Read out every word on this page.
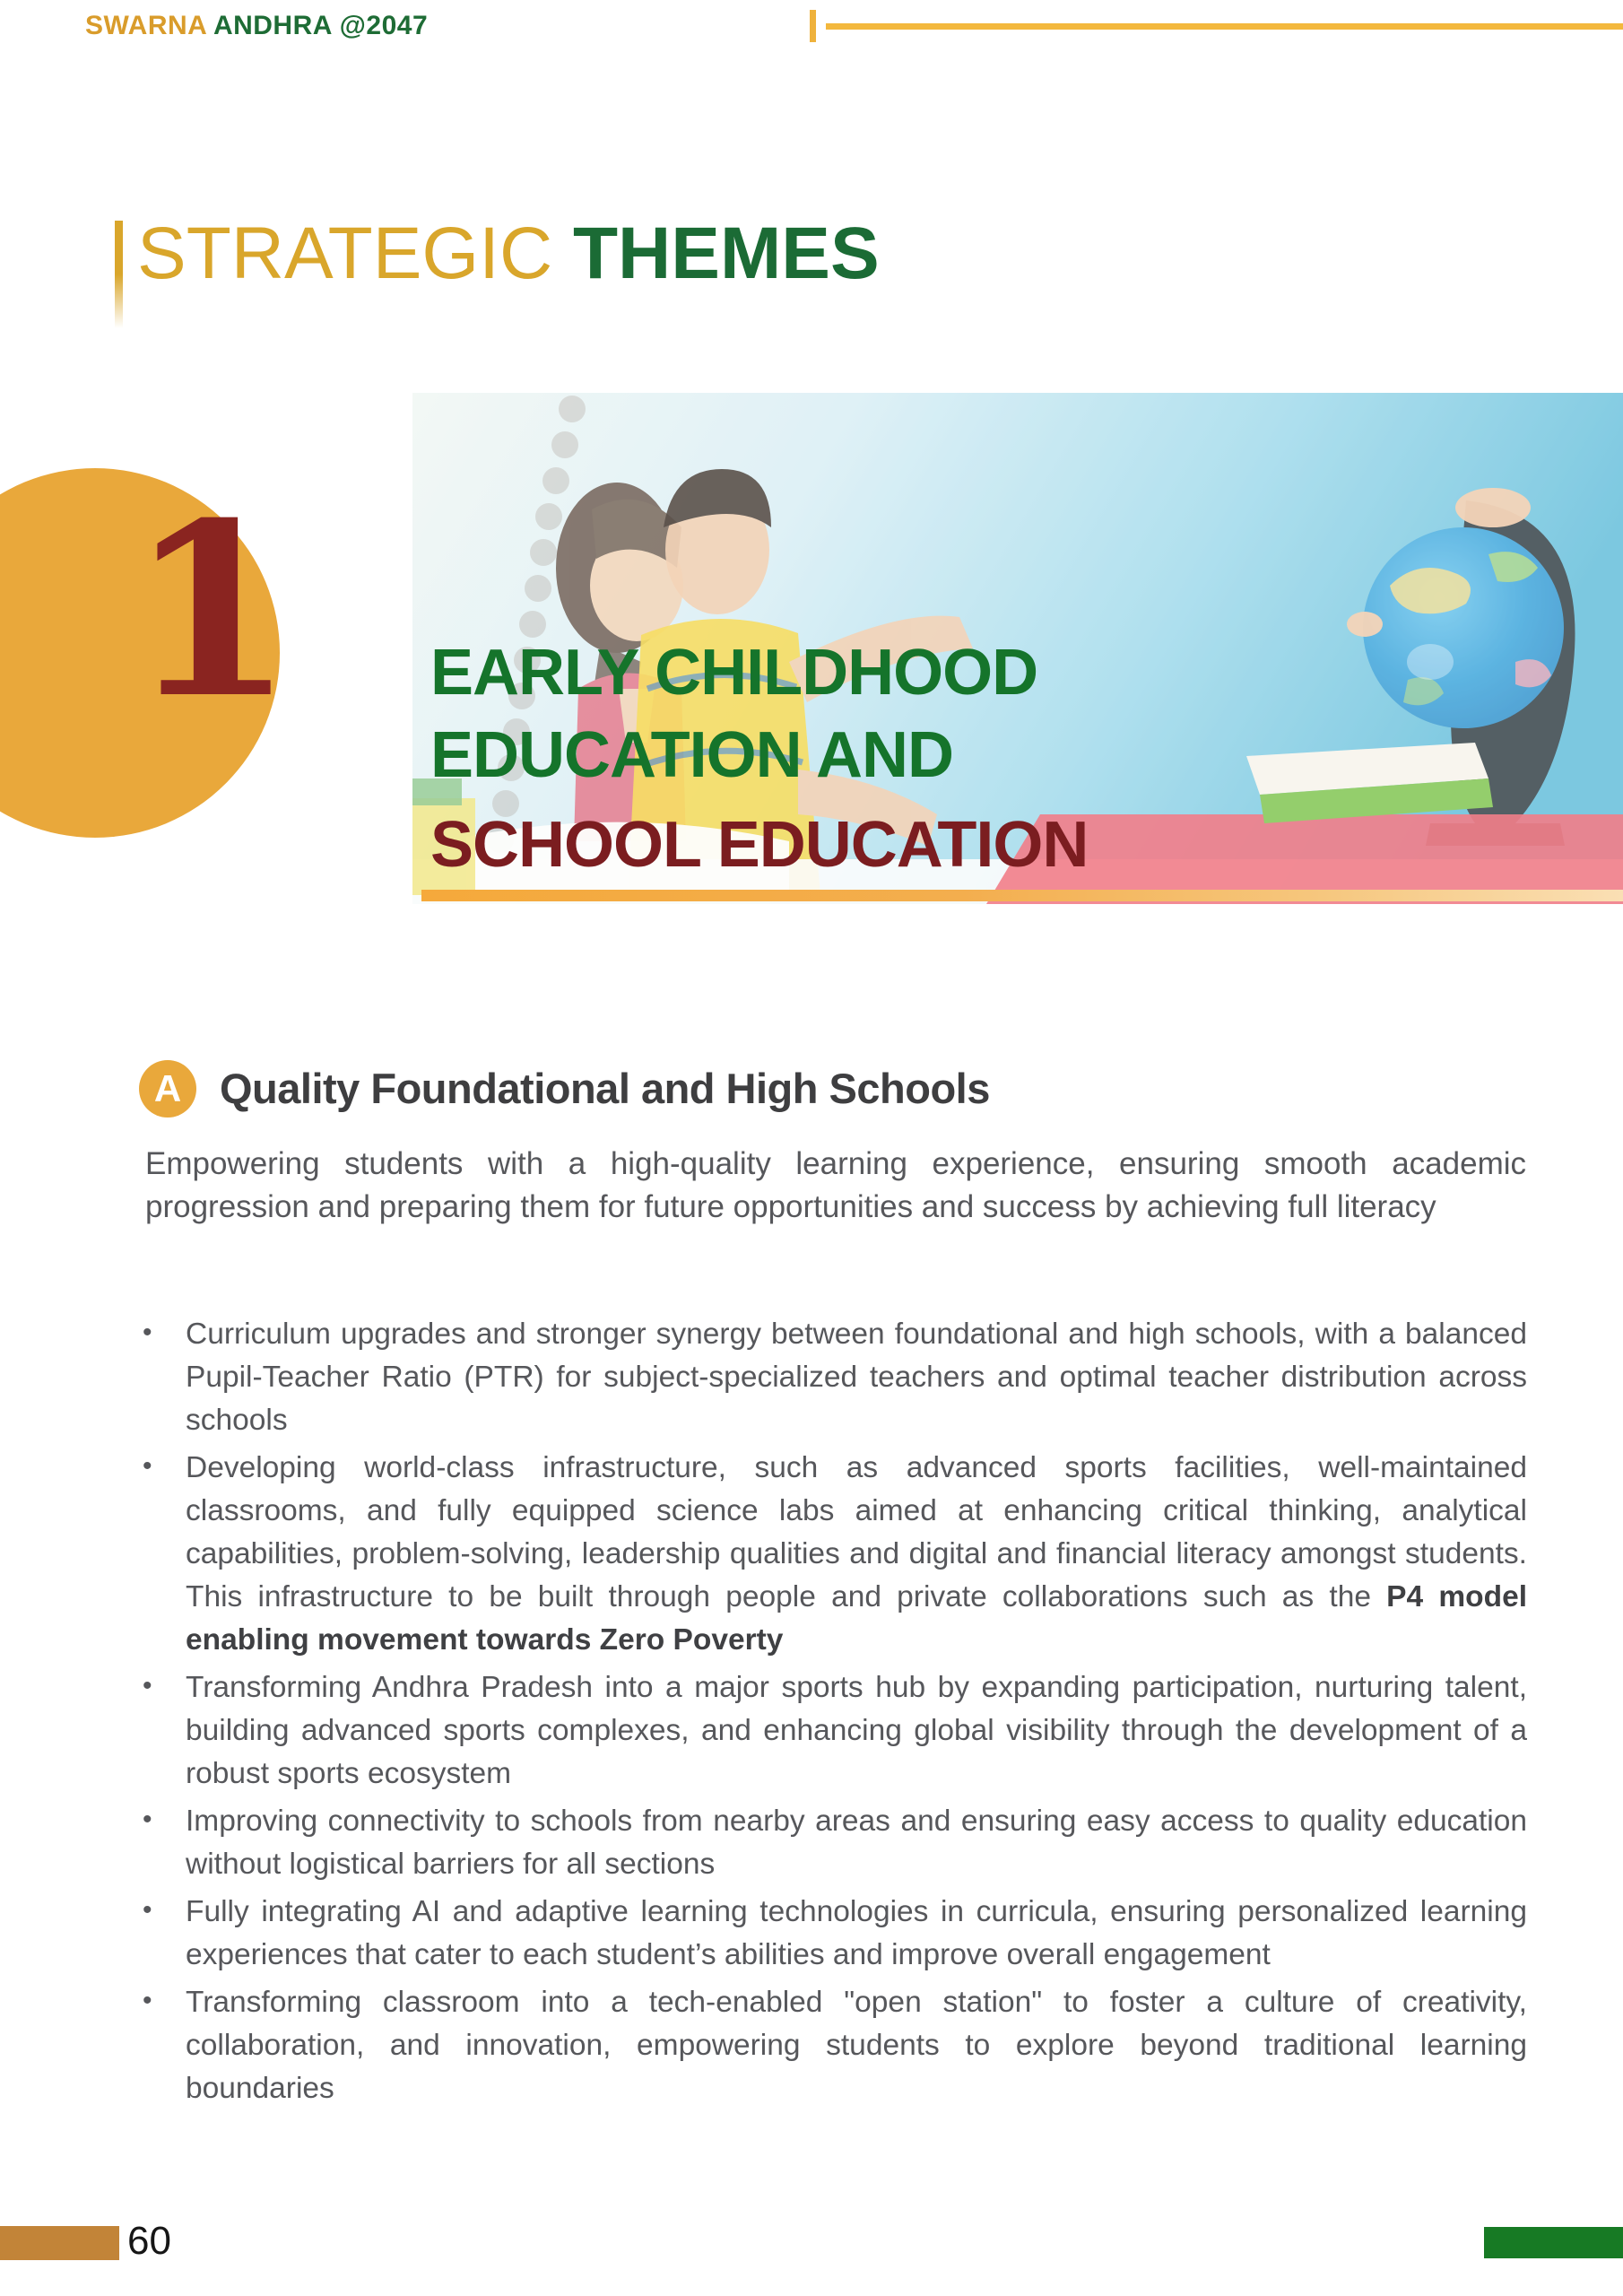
SWARNA ANDHRA @2047
STRATEGIC THEMES
1 EARLY CHILDHOOD
EDUCATION AND
SCHOOL EDUCATION
A Quality Foundational and High Schools

Empowering students with a high-quality learning experience, ensuring smooth academic progression and preparing them for future opportunities and success by achieving full literacy

• Curriculum upgrades and stronger synergy between foundational and high schools, with a balanced Pupil-Teacher Ratio (PTR) for subject-specialized teachers and optimal teacher distribution across schools
• Developing world-class infrastructure, such as advanced sports facilities, well-maintained classrooms, and fully equipped science labs aimed at enhancing critical thinking, analytical capabilities, problem-solving, leadership qualities and digital and financial literacy amongst students. This infrastructure to be built through people and private collaborations such as the P4 model enabling movement towards Zero Poverty
• Transforming Andhra Pradesh into a major sports hub by expanding participation, nurturing talent, building advanced sports complexes, and enhancing global visibility through the development of a robust sports ecosystem
• Improving connectivity to schools from nearby areas and ensuring easy access to quality education without logistical barriers for all sections
• Fully integrating AI and adaptive learning technologies in curricula, ensuring personalized learning experiences that cater to each student’s abilities and improve overall engagement
• Transforming classroom into a tech-enabled "open station" to foster a culture of creativity, collaboration, and innovation, empowering students to explore beyond traditional learning boundaries
60
